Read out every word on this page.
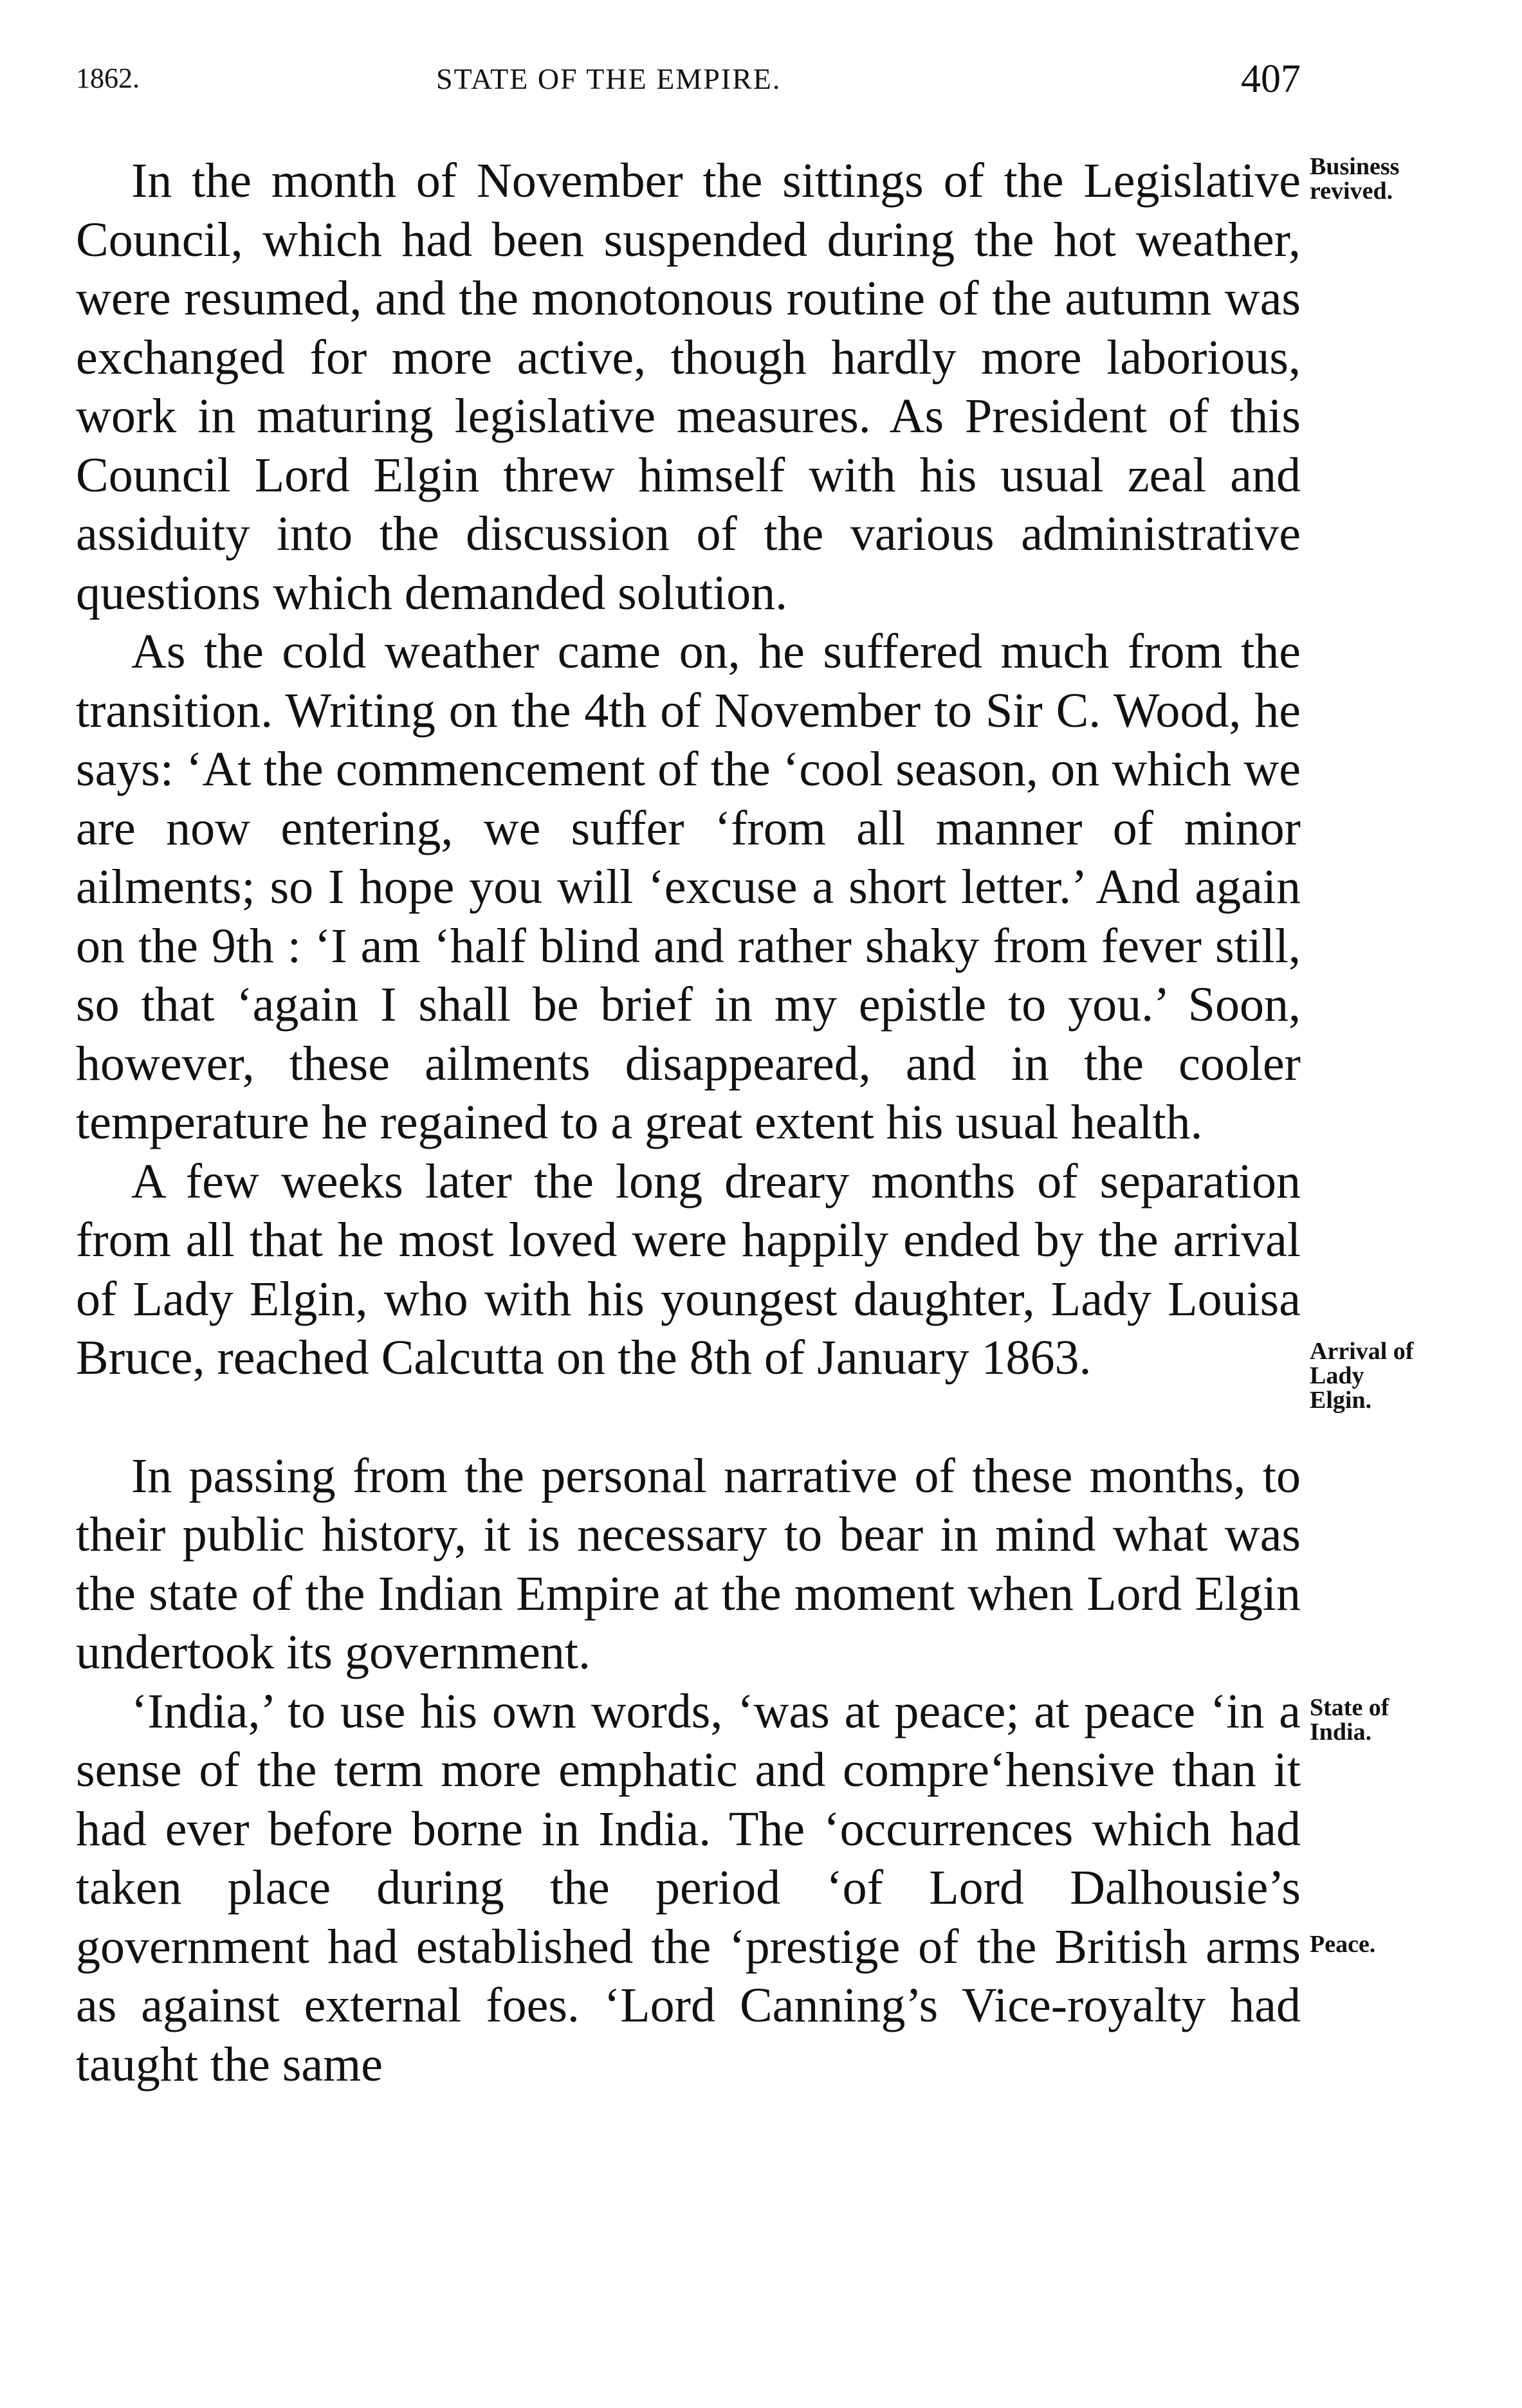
1862.	STATE OF THE EMPIRE.	407

In the month of November the sittings of the Legislative Council, which had been suspended during the hot weather, were resumed, and the monotonous routine of the autumn was exchanged for more active, though hardly more laborious, work in maturing legislative measures. As President of this Council Lord Elgin threw himself with his usual zeal and assiduity into the discussion of the various administrative questions which demanded solution.

As the cold weather came on, he suffered much from the transition. Writing on the 4th of November to Sir C. Wood, he says: ‘At the commencement of the ‘cool season, on which we are now entering, we suffer ‘from all manner of minor ailments; so I hope you will ‘excuse a short letter.’ And again on the 9th : ‘I am ‘half blind and rather shaky from fever still, so that ‘again I shall be brief in my epistle to you.’ Soon, however, these ailments disappeared, and in the cooler temperature he regained to a great extent his usual health.

A few weeks later the long dreary months of separation from all that he most loved were happily ended by the arrival of Lady Elgin, who with his youngest daughter, Lady Louisa Bruce, reached Calcutta on the 8th of January 1863.

In passing from the personal narrative of these months, to their public history, it is necessary to bear in mind what was the state of the Indian Empire at the moment when Lord Elgin undertook its government.

‘India,’ to use his own words, ‘was at peace; at peace ‘in a sense of the term more emphatic and compre‘hensive than it had ever before borne in India. The ‘occurrences which had taken place during the period ‘of Lord Dalhousie’s government had established the ‘prestige of the British arms as against external foes. ‘Lord Canning’s Vice-royalty had taught the same

Business
revived.
Arrival of
Lady
Elgin.
State of
India.
Peace.
